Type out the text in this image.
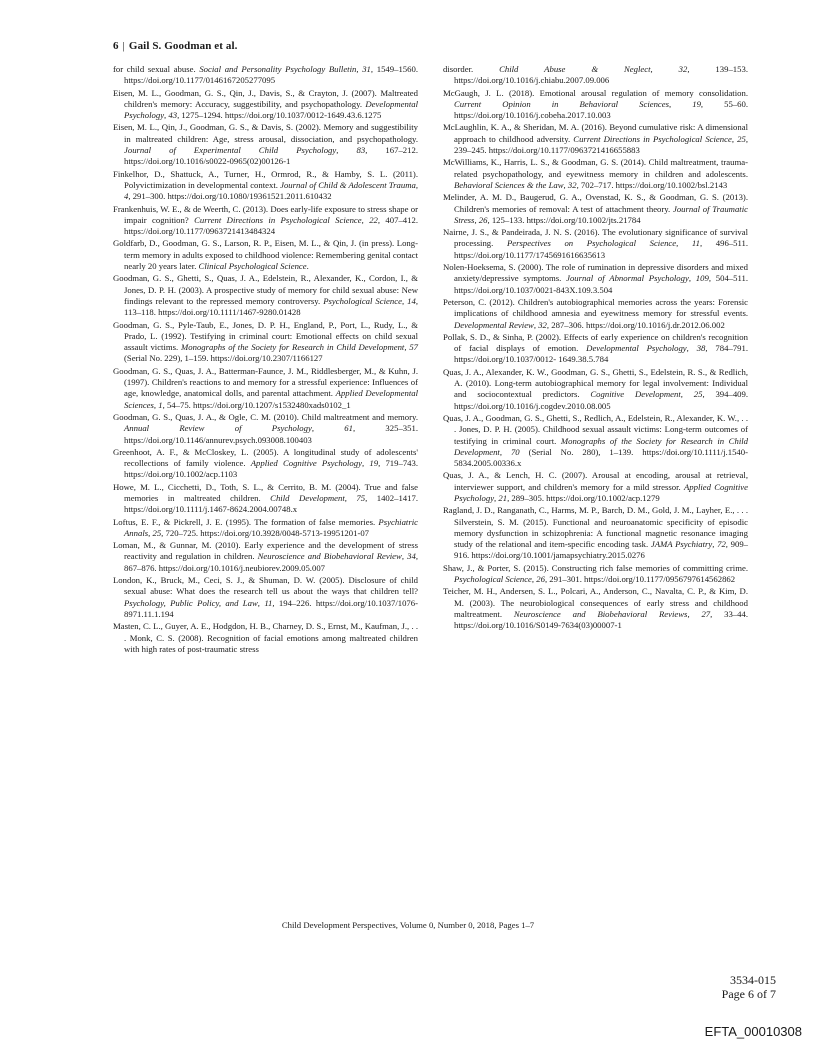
6 | Gail S. Goodman et al.

for child sexual abuse. Social and Personality Psychology Bulletin, 31, 1549–1560. https://doi.org/10.1177/0146167205277095

Eisen, M. L., Goodman, G. S., Qin, J., Davis, S., & Crayton, J. (2007). Maltreated children's memory: Accuracy, suggestibility, and psychopathology. Developmental Psychology, 43, 1275–1294. https://doi.org/10.1037/0012-1649.43.6.1275

Eisen, M. L., Qin, J., Goodman, G. S., & Davis, S. (2002). Memory and suggestibility in maltreated children: Age, stress arousal, dissociation, and psychopathology. Journal of Experimental Child Psychology, 83, 167–212. https://doi.org/10.1016/s0022-0965(02)00126-1

Finkelhor, D., Shattuck, A., Turner, H., Ormrod, R., & Hamby, S. L. (2011). Polyvictimization in developmental context. Journal of Child & Adolescent Trauma, 4, 291–300. https://doi.org/10.1080/19361521.2011.610432

Frankenhuis, W. E., & de Weerth, C. (2013). Does early-life exposure to stress shape or impair cognition? Current Directions in Psychological Science, 22, 407–412. https://doi.org/10.1177/0963721413484324

Goldfarb, D., Goodman, G. S., Larson, R. P., Eisen, M. L., & Qin, J. (in press). Long-term memory in adults exposed to childhood violence: Remembering genital contact nearly 20 years later. Clinical Psychological Science.

Goodman, G. S., Ghetti, S., Quas, J. A., Edelstein, R., Alexander, K., Cordon, I., & Jones, D. P. H. (2003). A prospective study of memory for child sexual abuse: New findings relevant to the repressed memory controversy. Psychological Science, 14, 113–118. https://doi.org/10.1111/1467-9280.01428

Goodman, G. S., Pyle-Taub, E., Jones, D. P. H., England, P., Port, L., Rudy, L., & Prado, L. (1992). Testifying in criminal court: Emotional effects on child sexual assault victims. Monographs of the Society for Research in Child Development, 57 (Serial No. 229), 1–159. https://doi.org/10.2307/1166127

Goodman, G. S., Quas, J. A., Batterman-Faunce, J. M., Riddlesberger, M., & Kuhn, J. (1997). Children's reactions to and memory for a stressful experience: Influences of age, knowledge, anatomical dolls, and parental attachment. Applied Developmental Sciences, 1, 54–75. https://doi.org/10.1207/s1532480xads0102_1

Goodman, G. S., Quas, J. A., & Ogle, C. M. (2010). Child maltreatment and memory. Annual Review of Psychology, 61, 325–351. https://doi.org/10.1146/annurev.psych.093008.100403

Greenhoot, A. F., & McCloskey, L. (2005). A longitudinal study of adolescents' recollections of family violence. Applied Cognitive Psychology, 19, 719–743. https://doi.org/10.1002/acp.1103

Howe, M. L., Cicchetti, D., Toth, S. L., & Cerrito, B. M. (2004). True and false memories in maltreated children. Child Development, 75, 1402–1417. https://doi.org/10.1111/j.1467-8624.2004.00748.x

Loftus, E. F., & Pickrell, J. E. (1995). The formation of false memories. Psychiatric Annals, 25, 720–725. https://doi.org/10.3928/0048-5713-19951201-07

Loman, M., & Gunnar, M. (2010). Early experience and the development of stress reactivity and regulation in children. Neuroscience and Biobehavioral Review, 34, 867–876. https://doi.org/10.1016/j.neubiorev.2009.05.007

London, K., Bruck, M., Ceci, S. J., & Shuman, D. W. (2005). Disclosure of child sexual abuse: What does the research tell us about the ways that children tell? Psychology, Public Policy, and Law, 11, 194–226. https://doi.org/10.1037/1076-8971.11.1.194

Masten, C. L., Guyer, A. E., Hodgdon, H. B., Charney, D. S., Ernst, M., Kaufman, J., . . . Monk, C. S. (2008). Recognition of facial emotions among maltreated children with high rates of post-traumatic stress

disorder. Child Abuse & Neglect, 32, 139–153. https://doi.org/10.1016/j.chiabu.2007.09.006

McGaugh, J. L. (2018). Emotional arousal regulation of memory consolidation. Current Opinion in Behavioral Sciences, 19, 55–60. https://doi.org/10.1016/j.cobeha.2017.10.003

McLaughlin, K. A., & Sheridan, M. A. (2016). Beyond cumulative risk: A dimensional approach to childhood adversity. Current Directions in Psychological Science, 25, 239–245. https://doi.org/10.1177/0963721416655883

McWilliams, K., Harris, L. S., & Goodman, G. S. (2014). Child maltreatment, trauma-related psychopathology, and eyewitness memory in children and adolescents. Behavioral Sciences & the Law, 32, 702–717. https://doi.org/10.1002/bsl.2143

Melinder, A. M. D., Baugerud, G. A., Ovenstad, K. S., & Goodman, G. S. (2013). Children's memories of removal: A test of attachment theory. Journal of Traumatic Stress, 26, 125–133. https://doi.org/10.1002/jts.21784

Nairne, J. S., & Pandeirada, J. N. S. (2016). The evolutionary significance of survival processing. Perspectives on Psychological Science, 11, 496–511. https://doi.org/10.1177/1745691616635613

Nolen-Hoeksema, S. (2000). The role of rumination in depressive disorders and mixed anxiety/depressive symptoms. Journal of Abnormal Psychology, 109, 504–511. https://doi.org/10.1037/0021-843X.109.3.504

Peterson, C. (2012). Children's autobiographical memories across the years: Forensic implications of childhood amnesia and eyewitness memory for stressful events. Developmental Review, 32, 287–306. https://doi.org/10.1016/j.dr.2012.06.002

Pollak, S. D., & Sinha, P. (2002). Effects of early experience on children's recognition of facial displays of emotion. Developmental Psychology, 38, 784–791. https://doi.org/10.1037/0012- 1649.38.5.784

Quas, J. A., Alexander, K. W., Goodman, G. S., Ghetti, S., Edelstein, R. S., & Redlich, A. (2010). Long-term autobiographical memory for legal involvement: Individual and sociocontextual predictors. Cognitive Development, 25, 394–409. https://doi.org/10.1016/j.cogdev.2010.08.005

Quas, J. A., Goodman, G. S., Ghetti, S., Redlich, A., Edelstein, R., Alexander, K. W., . . . Jones, D. P. H. (2005). Childhood sexual assault victims: Long-term outcomes of testifying in criminal court. Monographs of the Society for Research in Child Development, 70 (Serial No. 280), 1–139. https://doi.org/10.1111/j.1540-5834.2005.00336.x

Quas, J. A., & Lench, H. C. (2007). Arousal at encoding, arousal at retrieval, interviewer support, and children's memory for a mild stressor. Applied Cognitive Psychology, 21, 289–305. https://doi.org/10.1002/acp.1279

Ragland, J. D., Ranganath, C., Harms, M. P., Barch, D. M., Gold, J. M., Layher, E., . . . Silverstein, S. M. (2015). Functional and neuroanatomic specificity of episodic memory dysfunction in schizophrenia: A functional magnetic resonance imaging study of the relational and item-specific encoding task. JAMA Psychiatry, 72, 909–916. https://doi.org/10.1001/jamapsychiatry.2015.0276

Shaw, J., & Porter, S. (2015). Constructing rich false memories of committing crime. Psychological Science, 26, 291–301. https://doi.org/10.1177/0956797614562862

Teicher, M. H., Andersen, S. L., Polcari, A., Anderson, C., Navalta, C. P., & Kim, D. M. (2003). The neurobiological consequences of early stress and childhood maltreatment. Neuroscience and Biobehavioral Reviews, 27, 33–44. https://doi.org/10.1016/S0149-7634(03)00007-1

Child Development Perspectives, Volume 0, Number 0, 2018, Pages 1–7
3534-015
Page 6 of 7
EFTA_00010308
